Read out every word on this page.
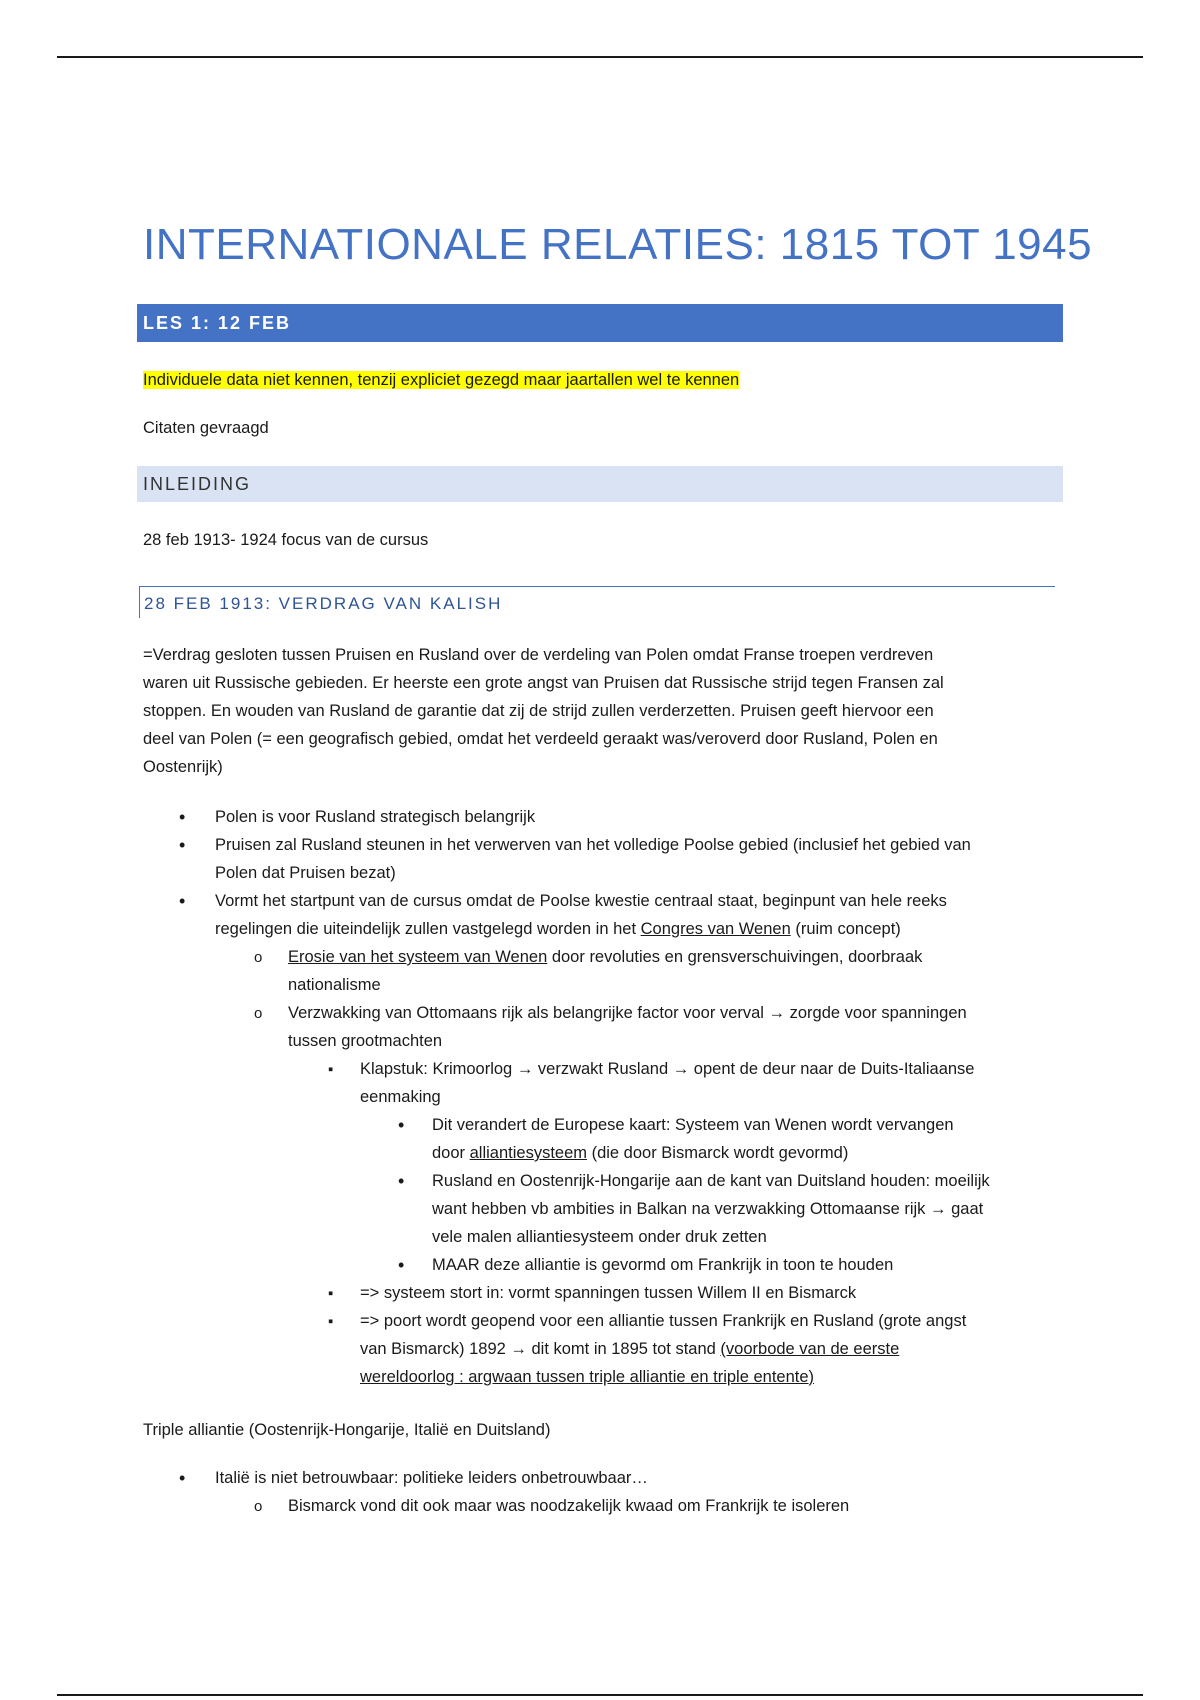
INTERNATIONALE RELATIES: 1815 TOT 1945
LES 1: 12 FEB

Individuele data niet kennen, tenzij expliciet gezegd maar jaartallen wel te kennen

Citaten gevraagd

INLEIDING

28 feb 1913- 1924 focus van de cursus

28 FEB 1913: VERDRAG VAN KALISH
=Verdrag gesloten tussen Pruisen en Rusland over de verdeling van Polen omdat Franse troepen verdreven
waren uit Russische gebieden. Er heerste een grote angst van Pruisen dat Russische strijd tegen Fransen zal
stoppen. En wouden van Rusland de garantie dat zij de strijd zullen verderzetten. Pruisen geeft hiervoor een
deel van Polen (= een geografisch gebied, omdat het verdeeld geraakt was/veroverd door Rusland, Polen en
Oostenrijk)
•
Polen is voor Rusland strategisch belangrijk
•
Pruisen zal Rusland steunen in het verwerven van het volledige Poolse gebied (inclusief het gebied van
Polen dat Pruisen bezat)
•
Vormt het startpunt van de cursus omdat de Poolse kwestie centraal staat, beginpunt van hele reeks
regelingen die uiteindelijk zullen vastgelegd worden in het Congres van Wenen (ruim concept)
o
Erosie van het systeem van Wenen door revoluties en grensverschuivingen, doorbraak
nationalisme
o
Verzwakking van Ottomaans rijk als belangrijke factor voor verval → zorgde voor spanningen
tussen grootmachten
▪
Klapstuk: Krimoorlog → verzwakt Rusland → opent de deur naar de Duits-Italiaanse
eenmaking
•
Dit verandert de Europese kaart: Systeem van Wenen wordt vervangen
door alliantiesysteem (die door Bismarck wordt gevormd)
•
Rusland en Oostenrijk-Hongarije aan de kant van Duitsland houden: moeilijk
want hebben vb ambities in Balkan na verzwakking Ottomaanse rijk → gaat
vele malen alliantiesysteem onder druk zetten
•
MAAR deze alliantie is gevormd om Frankrijk in toon te houden
▪
=> systeem stort in: vormt spanningen tussen Willem II en Bismarck
▪
=> poort wordt geopend voor een alliantie tussen Frankrijk en Rusland (grote angst
van Bismarck) 1892 → dit komt in 1895 tot stand (voorbode van de eerste
wereldoorlog : argwaan tussen triple alliantie en triple entente)

Triple alliantie (Oostenrijk-Hongarije, Italië en Duitsland)

•
Italië is niet betrouwbaar: politieke leiders onbetrouwbaar…
o
Bismarck vond dit ook maar was noodzakelijk kwaad om Frankrijk te isoleren
